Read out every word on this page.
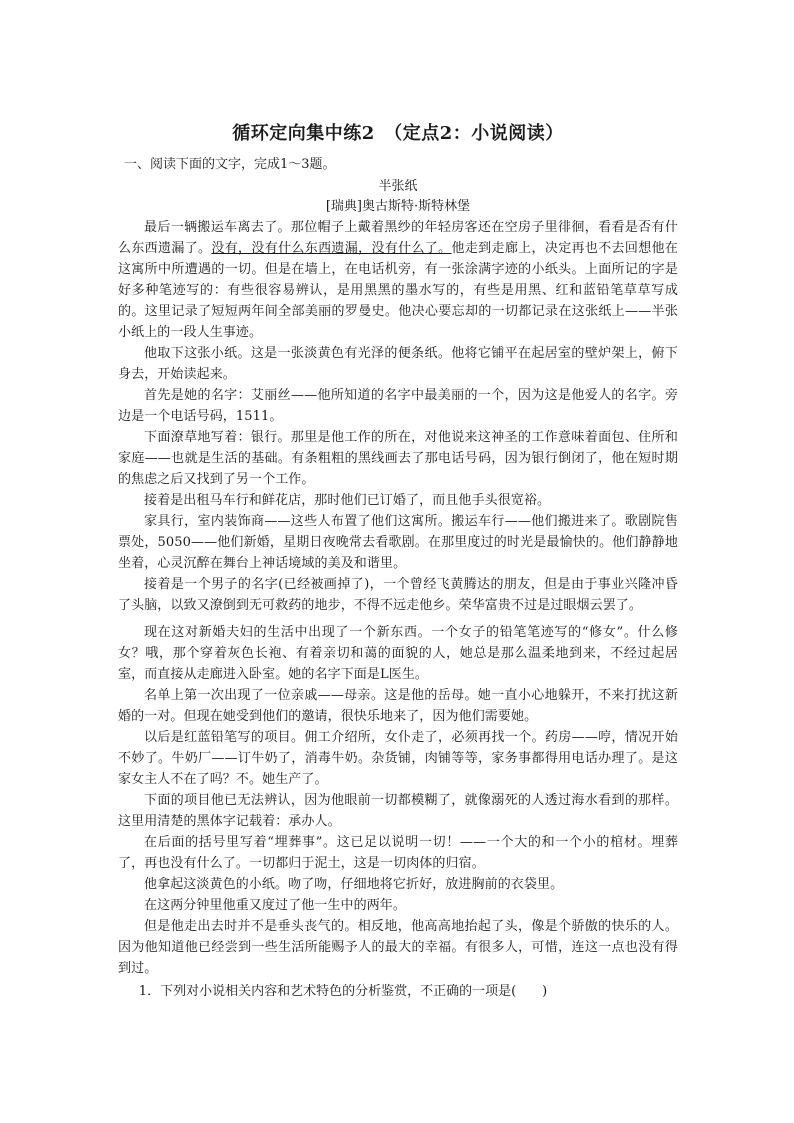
循环定向集中练2　（定点2：小说阅读）
一、阅读下面的文字，完成1～3题。
半张纸
[瑞典]奥古斯特·斯特林堡

最后一辆搬运车离去了。那位帽子上戴着黑纱的年轻房客还在空房子里徘徊，看看是否有什么东西遗漏了。没有，没有什么东西遗漏，没有什么了。他走到走廊上，决定再也不去回想他在这寓所中所遭遇的一切。但是在墙上，在电话机旁，有一张涂满字迹的小纸头。上面所记的字是好多种笔迹写的：有些很容易辨认，是用黑黑的墨水写的，有些是用黑、红和蓝铅笔草草写成的。这里记录了短短两年间全部美丽的罗曼史。他决心要忘却的一切都记录在这张纸上——半张小纸上的一段人生事迹。

他取下这张小纸。这是一张淡黄色有光泽的便条纸。他将它铺平在起居室的壁炉架上，俯下身去，开始读起来。

首先是她的名字：艾丽丝——他所知道的名字中最美丽的一个，因为这是他爱人的名字。旁边是一个电话号码，1511。

下面潦草地写着：银行。那里是他工作的所在，对他说来这神圣的工作意味着面包、住所和家庭——也就是生活的基础。有条粗粗的黑线画去了那电话号码，因为银行倒闭了，他在短时期的焦虑之后又找到了另一个工作。

接着是出租马车行和鲜花店，那时他们已订婚了，而且他手头很宽裕。

家具行，室内装饰商——这些人布置了他们这寓所。搬运车行——他们搬进来了。歌剧院售票处，5050——他们新婚，星期日夜晚常去看歌剧。在那里度过的时光是最愉快的。他们静静地坐着，心灵沉醉在舞台上神话境域的美及和谐里。

接着是一个男子的名字(已经被画掉了)，一个曾经飞黄腾达的朋友，但是由于事业兴隆冲昏了头脑，以致又潦倒到无可救药的地步，不得不远走他乡。荣华富贵不过是过眼烟云罢了。

现在这对新婚夫妇的生活中出现了一个新东西。一个女子的铅笔笔迹写的“修女”。什么修女？哦，那个穿着灰色长袍、有着亲切和蔼的面貌的人，她总是那么温柔地到来，不经过起居室，而直接从走廊进入卧室。她的名字下面是L医生。

名单上第一次出现了一位亲戚——母亲。这是他的岳母。她一直小心地躲开，不来打扰这新婚的一对。但现在她受到他们的邀请，很快乐地来了，因为他们需要她。

以后是红蓝铅笔写的项目。佣工介绍所，女仆走了，必须再找一个。药房——哼，情况开始不妙了。牛奶厂——订牛奶了，消毒牛奶。杂货铺，肉铺等等，家务事都得用电话办理了。是这家女主人不在了吗？不。她生产了。

下面的项目他已无法辨认，因为他眼前一切都模糊了，就像溺死的人透过海水看到的那样。这里用清楚的黑体字记载着：承办人。

在后面的括号里写着“埋葬事”。这已足以说明一切！——一个大的和一个小的棺材。埋葬了，再也没有什么了。一切都归于泥土，这是一切肉体的归宿。

他拿起这淡黄色的小纸。吻了吻，仔细地将它折好，放进胸前的衣袋里。

在这两分钟里他重又度过了他一生中的两年。

但是他走出去时并不是垂头丧气的。相反地，他高高地抬起了头，像是个骄傲的快乐的人。因为他知道他已经尝到一些生活所能赐予人的最大的幸福。有很多人，可惜，连这一点也没有得到过。

1．下列对小说相关内容和艺术特色的分析鉴赏，不正确的一项是(　　)
